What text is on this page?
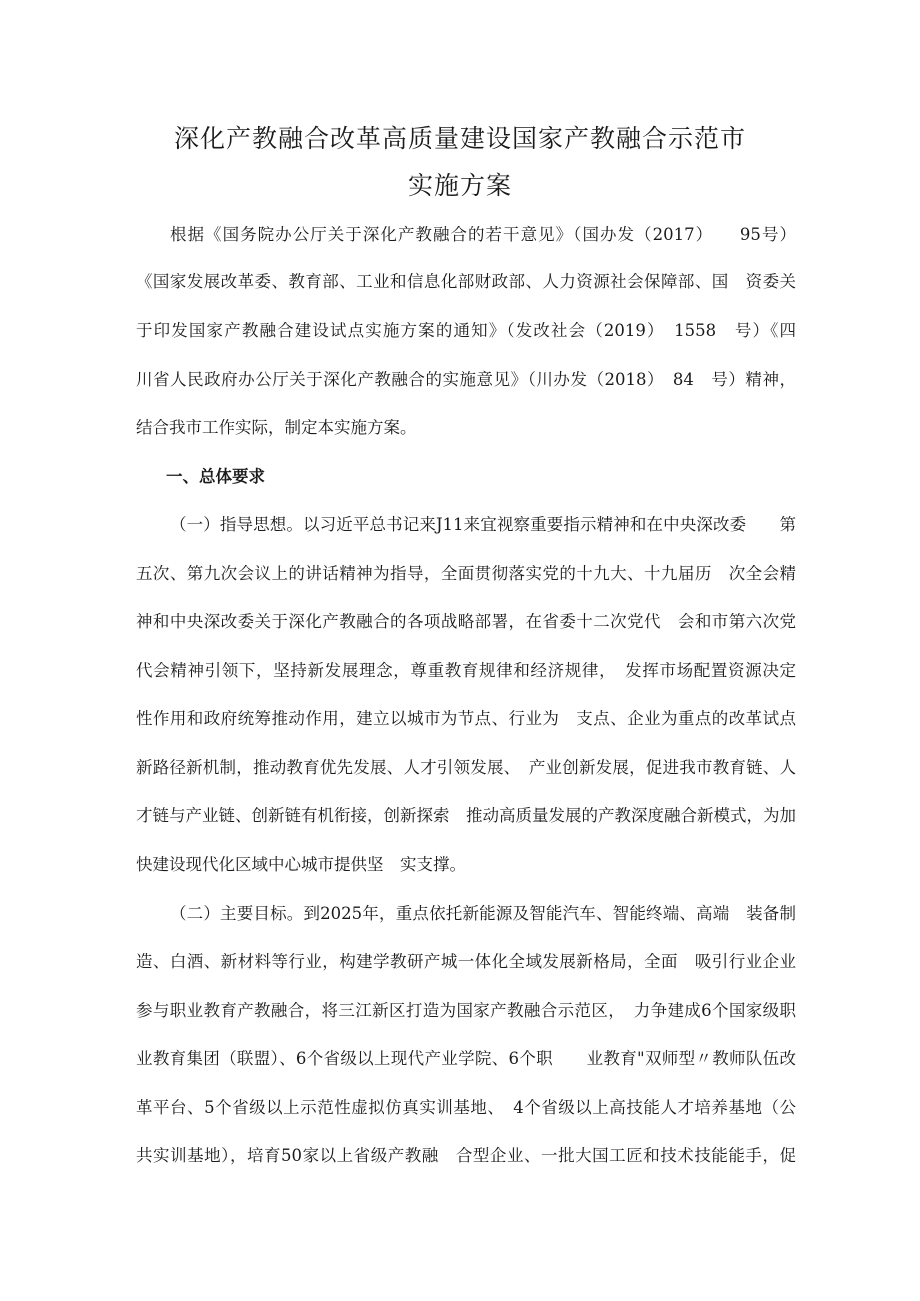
深化产教融合改革高质量建设国家产教融合示范市
实施方案
根据《国务院办公厅关于深化产教融合的若干意见》（国办发（2017）　　95号）
《国家发展改革委、教育部、工业和信息化部财政部、人力资源社会保障部、国　资委关
于印发国家产教融合建设试点实施方案的通知》（发改社会（2019）　1558　号）《四
川省人民政府办公厅关于深化产教融合的实施意见》（川办发（2018）　84　号）精神，
结合我市工作实际，制定本实施方案。
一、总体要求
（一）指导思想。以习近平总书记来J11来宜视察重要指示精神和在中央深改委　　第
五次、第九次会议上的讲话精神为指导，全面贯彻落实党的十九大、十九届历　次全会精
神和中央深改委关于深化产教融合的各项战略部署，在省委十二次党代　会和市第六次党
代会精神引领下，坚持新发展理念，尊重教育规律和经济规律，　发挥市场配置资源决定
性作用和政府统筹推动作用，建立以城市为节点、行业为　支点、企业为重点的改革试点
新路径新机制，推动教育优先发展、人才引领发展、　产业创新发展，促进我市教育链、人
才链与产业链、创新链有机衔接，创新探索　推动高质量发展的产教深度融合新模式，为加
快建设现代化区域中心城市提供坚　实支撑。
（二）主要目标。到2025年，重点依托新能源及智能汽车、智能终端、高端　装备制
造、白酒、新材料等行业，构建学教研产城一体化全域发展新格局，全面　吸引行业企业
参与职业教育产教融合，将三江新区打造为国家产教融合示范区，　力争建成6个国家级职
业教育集团（联盟）、6个省级以上现代产业学院、6个职　　业教育"双师型〃教师队伍改
革平台、5个省级以上示范性虚拟仿真实训基地、　4个省级以上高技能人才培养基地（公
共实训基地），培育50家以上省级产教融　合型企业、一批大国工匠和技术技能能手，促
